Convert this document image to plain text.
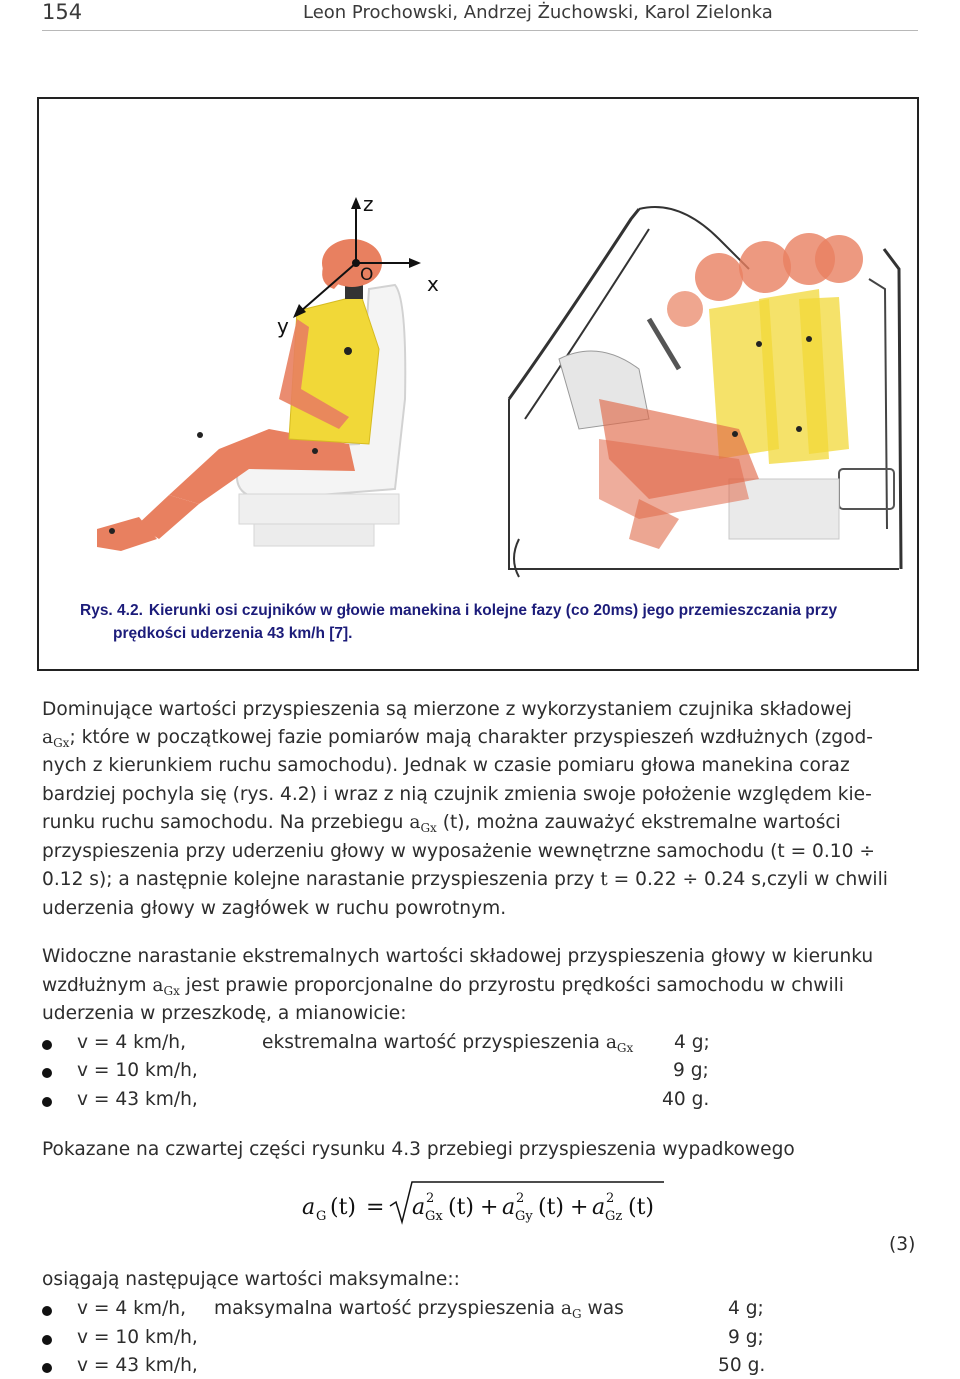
154	Leon Prochowski, Andrzej Żuchowski, Karol Zielonka
z
x
y
O
Rys. 4.2. Kierunki osi czujników w głowie manekina i kolejne fazy (co 20ms) jego przemieszczania przy
prędkości uderzenia 43 km/h [7].
Dominujące wartości przyspieszenia są mierzone z wykorzystaniem czujnika składowej
$a_{Gx}$; które w początkowej fazie pomiarów mają charakter przyspieszeń wzdłużnych (zgod-
nych z kierunkiem ruchu samochodu). Jednak w czasie pomiaru głowa manekina coraz
bardziej pochyla się (rys. 4.2) i wraz z nią czujnik zmienia swoje położenie względem kie-
runku ruchu samochodu. Na przebiegu $a_{Gx}$ (t), można zauważyć ekstremalne wartości
przyspieszenia przy uderzeniu głowy w wyposażenie wewnętrzne samochodu (t = 0.10 ÷
0.12 s); a następnie kolejne narastanie przyspieszenia przy t = 0.22 ÷ 0.24 s,czyli w chwili
uderzenia głowy w zagłówek w ruchu powrotnym.
Widoczne narastanie ekstremalnych wartości składowej przyspieszenia głowy w kierunku
wzdłużnym $a_{Gx}$ jest prawie proporcjonalne do przyrostu prędkości samochodu w chwili
uderzenia w przeszkodę, a mianowicie:
v = 4 km/h,	ekstremalna wartość przyspieszenia $a_{Gx}$ 4 g;
v = 10 km/h,	9 g;
v = 43 km/h,	40 g.
Pokazane na czwartej części rysunku 4.3 przebiegi przyspieszenia wypadkowego
a G (t) = a 2
Gx (t) + a 2
Gy (t) + a 2
Gz (t)
(3)
osiągają następujące wartości maksymalne::
v = 4 km/h, maksymalna wartość przyspieszenia $a_G$ was	4 g;
v = 10 km/h,	9 g;
v = 43 km/h,	50 g.
